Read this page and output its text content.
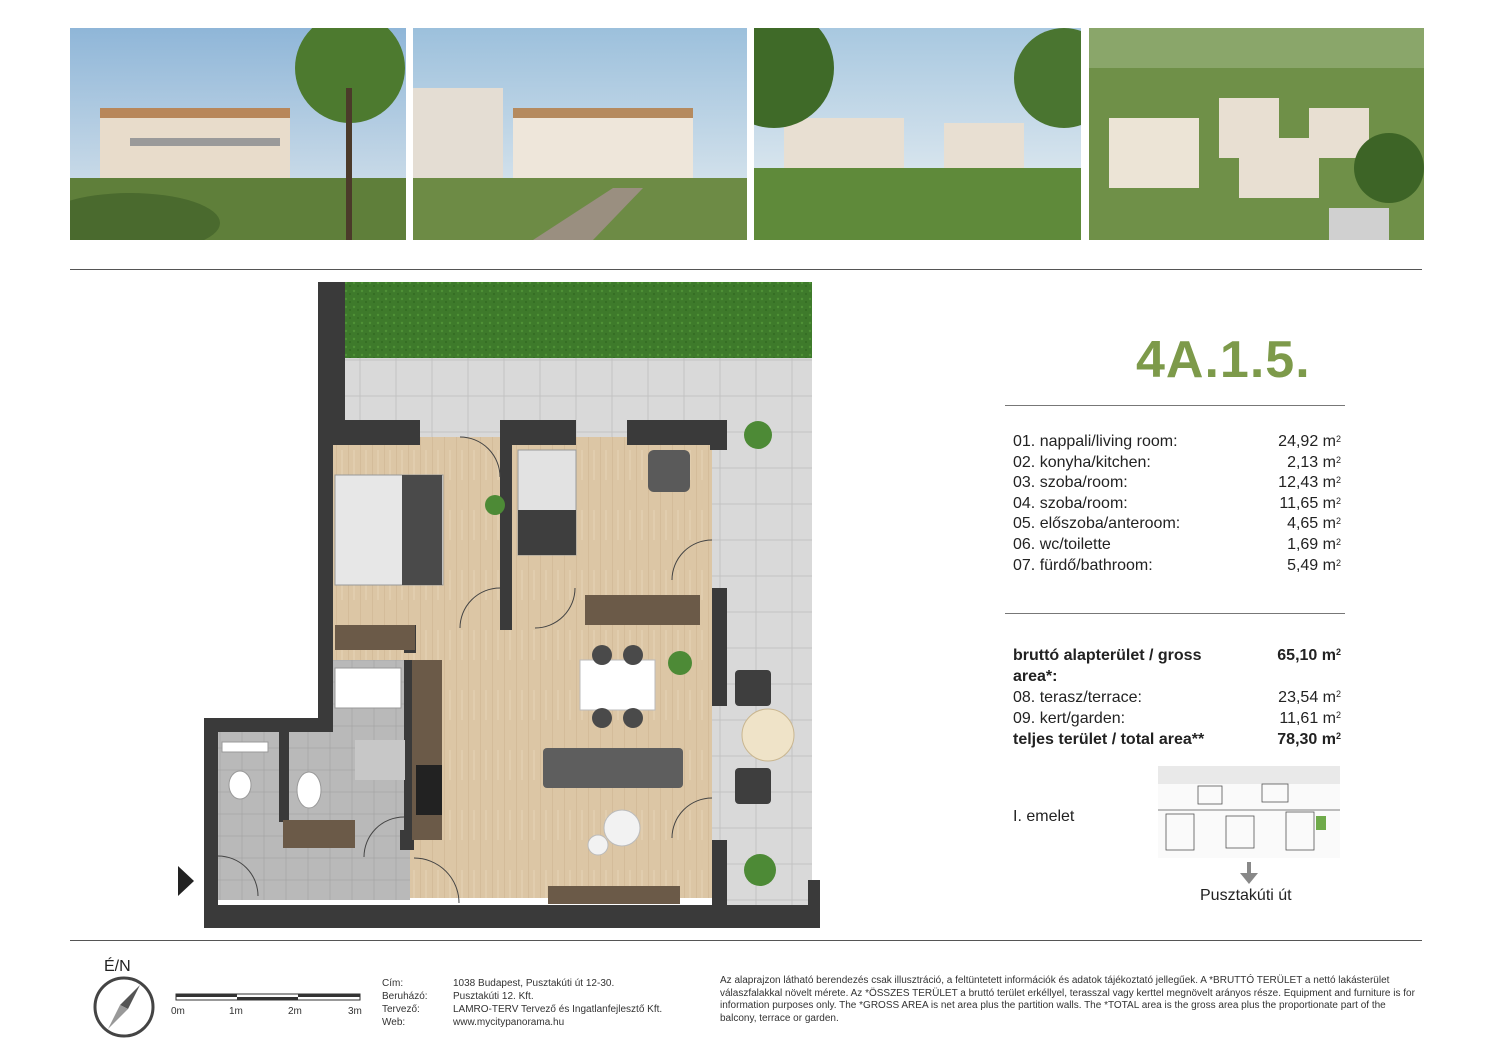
4A.1.5.
01. nappali/living room:	24,92 $m^2$
02. konyha/kitchen:	2,13 $m^2$
03. szoba/room:	12,43 $m^2$
04. szoba/room:	11,65 $m^2$
05. előszoba/anteroom:	4,65 $m^2$
06. wc/toilette	1,69 $m^2$
07. fürdő/bathroom:	5,49 $m^2$
bruttó alapterület / gross	65,10 $m^2$
area*:
08. terasz/terrace:	23,54 $m^2$
09. kert/garden:	11,61 $m^2$
teljes terület / total area**	78,30 $m^2$
I. emelet
Pusztakúti út
É/N
0m	1m	2m	3m
Cím:	1038 Budapest, Pusztakúti út 12-30.
Beruházó:	Pusztakúti 12. Kft.
Tervező:	LAMRO-TERV Tervező és Ingatlanfejlesztő Kft.
Web:	www.mycitypanorama.hu
Az alaprajzon látható berendezés csak illusztráció, a feltüntetett információk és adatok tájékoztató jellegűek. A *BRUTTÓ TERÜLET a nettó lakásterület válaszfalakkal növelt mérete. Az *ÖSSZES TERÜLET a bruttó terület erkéllyel, terasszal vagy kerttel megnövelt arányos része. Equipment and furniture is for information purposes only. The *GROSS AREA is net area plus the partition walls. The *TOTAL area is the gross area plus the proportionate part of the balcony, terrace or garden.
